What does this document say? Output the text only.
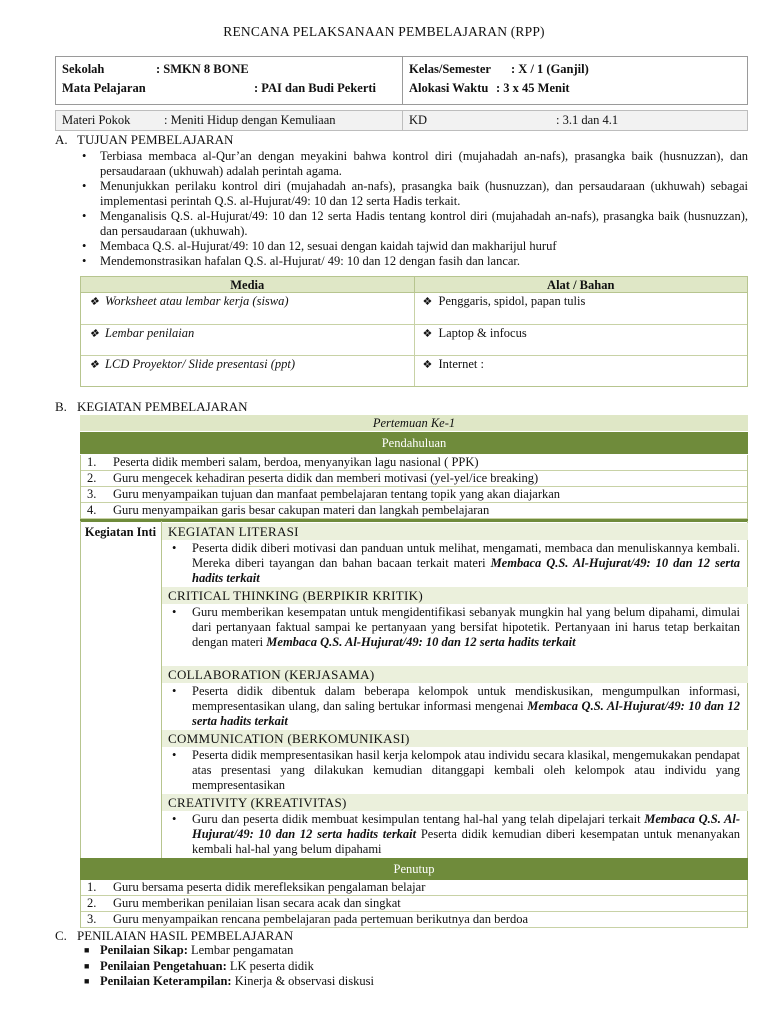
RENCANA PELAKSANAAN PEMBELAJARAN (RPP)
Sekolah	: SMKN 8 BONE
Mata Pelajaran	: PAI dan Budi Pekerti
Kelas/Semester : X / 1 (Ganjil)
Alokasi Waktu : 3 x 45 Menit
Materi Pokok	: Meniti Hidup dengan Kemuliaan	KD	: 3.1 dan 4.1
A. TUJUAN PEMBELAJARAN
• Terbiasa membaca al-Qur’an dengan meyakini bahwa kontrol diri (mujahadah an-nafs), prasangka baik (husnuzzan), dan persaudaraan (ukhuwah) adalah perintah agama.
• Menunjukkan perilaku kontrol diri (mujahadah an-nafs), prasangka baik (husnuzzan), dan persaudaraan (ukhuwah) sebagai implementasi perintah Q.S. al-Hujurat/49: 10 dan 12 serta Hadis terkait.
• Menganalisis Q.S. al-Hujurat/49: 10 dan 12 serta Hadis tentang kontrol diri (mujahadah an-nafs), prasangka baik (husnuzzan), dan persaudaraan (ukhuwah).
• Membaca Q.S. al-Hujurat/49: 10 dan 12, sesuai dengan kaidah tajwid dan makharijul huruf
• Mendemonstrasikan hafalan Q.S. al-Hujurat/ 49: 10 dan 12 dengan fasih dan lancar.
Media	Alat / Bahan
❖ Worksheet atau lembar kerja (siswa)	❖ Penggaris, spidol, papan tulis
❖ Lembar penilaian	❖ Laptop & infocus
❖ LCD Proyektor/ Slide presentasi (ppt)	❖ Internet :
B. KEGIATAN PEMBELAJARAN
Pertemuan Ke-1
Pendahuluan
1.	Peserta didik memberi salam, berdoa, menyanyikan lagu nasional ( PPK)
2.	Guru mengecek kehadiran peserta didik dan memberi motivasi (yel-yel/ice breaking)
3.	Guru menyampaikan tujuan dan manfaat pembelajaran tentang topik yang akan diajarkan
4.	Guru menyampaikan garis besar cakupan materi dan langkah pembelajaran
Kegiatan Inti KEGIATAN LITERASI
• Peserta didik diberi motivasi dan panduan untuk melihat, mengamati, membaca dan menuliskannya kembali. Mereka diberi tayangan dan bahan bacaan terkait materi Membaca Q.S. Al-Hujurat/49: 10 dan 12 serta hadits terkait
CRITICAL THINKING (BERPIKIR KRITIK)
• Guru memberikan kesempatan untuk mengidentifikasi sebanyak mungkin hal yang belum dipahami, dimulai dari pertanyaan faktual sampai ke pertanyaan yang bersifat hipotetik. Pertanyaan ini harus tetap berkaitan dengan materi Membaca Q.S. Al-Hujurat/49: 10 dan 12 serta hadits terkait
COLLABORATION (KERJASAMA)
• Peserta didik dibentuk dalam beberapa kelompok untuk mendiskusikan, mengumpulkan informasi, mempresentasikan ulang, dan saling bertukar informasi mengenai Membaca Q.S. Al-Hujurat/49: 10 dan 12 serta hadits terkait
COMMUNICATION (BERKOMUNIKASI)
• Peserta didik mempresentasikan hasil kerja kelompok atau individu secara klasikal, mengemukakan pendapat atas presentasi yang dilakukan kemudian ditanggapi kembali oleh kelompok atau individu yang mempresentasikan
CREATIVITY (KREATIVITAS)
• Guru dan peserta didik membuat kesimpulan tentang hal-hal yang telah dipelajari terkait Membaca Q.S. Al-Hujurat/49: 10 dan 12 serta hadits terkait Peserta didik kemudian diberi kesempatan untuk menanyakan kembali hal-hal yang belum dipahami
Penutup
1.	Guru bersama peserta didik merefleksikan pengalaman belajar
2.	Guru memberikan penilaian lisan secara acak dan singkat
3.	Guru menyampaikan rencana pembelajaran pada pertemuan berikutnya dan berdoa
C. PENILAIAN HASIL PEMBELAJARAN
■ Penilaian Sikap: Lembar pengamatan
■ Penilaian Pengetahuan: LK peserta didik
■ Penilaian Keterampilan: Kinerja & observasi diskusi
